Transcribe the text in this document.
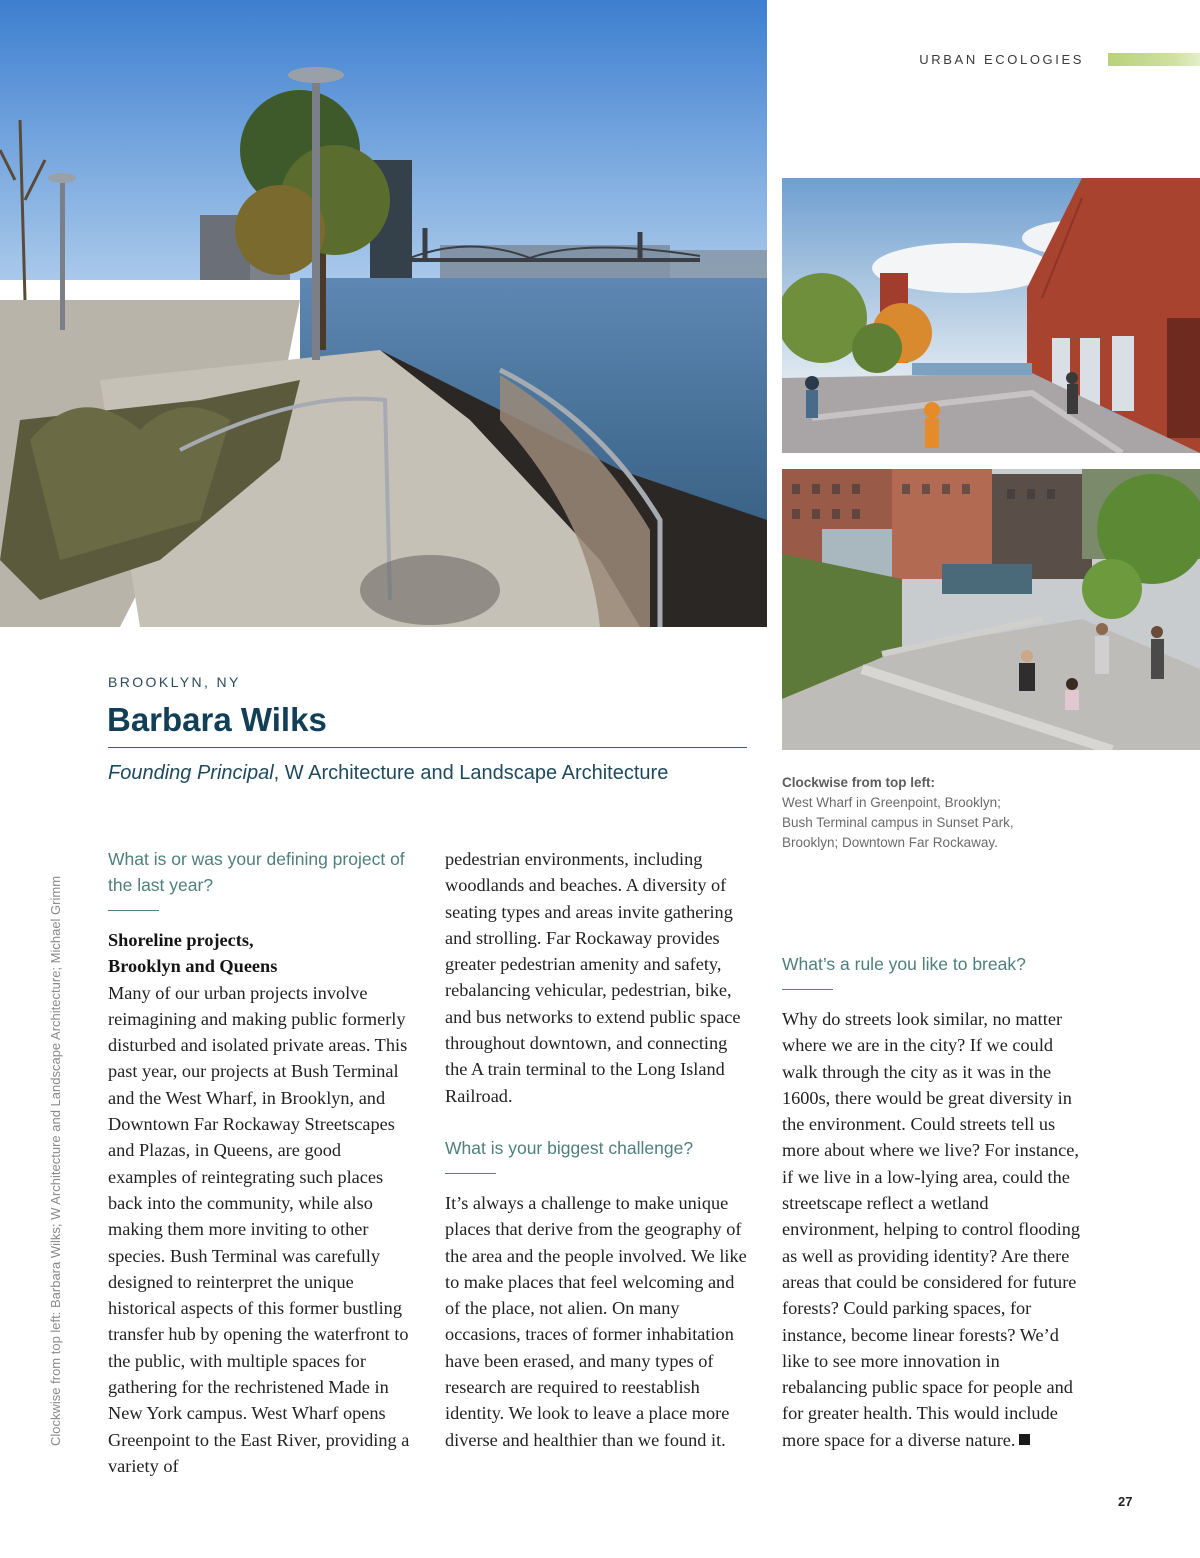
URBAN ECOLOGIES
Clockwise from top left:
West Wharf in Greenpoint, Brooklyn; Bush Terminal campus in Sunset Park, Brooklyn; Downtown Far Rockaway.
Clockwise from top left: Barbara Wilks; W Architecture and Landscape Architecture; Michael Grimm
BROOKLYN, NY
Barbara Wilks
Founding Principal, W Architecture and Landscape Architecture
What is or was your defining project of the last year?
Shoreline projects,
Brooklyn and Queens
Many of our urban projects involve reimagining and making public formerly disturbed and isolated private areas. This past year, our projects at Bush Terminal and the West Wharf, in Brooklyn, and Downtown Far Rockaway Streetscapes and Plazas, in Queens, are good examples of reintegrating such places back into the community, while also making them more inviting to other species. Bush Terminal was carefully designed to reinterpret the unique historical aspects of this former bustling transfer hub by opening the waterfront to the public, with multiple spaces for gathering for the rechristened Made in New York campus. West Wharf opens Greenpoint to the East River, providing a variety of
pedestrian environments, including woodlands and beaches. A diversity of seating types and areas invite gathering and strolling. Far Rockaway provides greater pedestrian amenity and safety, rebalancing vehicular, pedestrian, bike, and bus networks to extend public space throughout downtown, and connecting the A train terminal to the Long Island Railroad.
What is your biggest challenge?
It’s always a challenge to make unique places that derive from the geography of the area and the people involved. We like to make places that feel welcoming and of the place, not alien. On many occasions, traces of former inhabitation have been erased, and many types of research are required to reestablish identity. We look to leave a place more diverse and healthier than we found it.
What’s a rule you like to break?
Why do streets look similar, no matter where we are in the city? If we could walk through the city as it was in the 1600s, there would be great diversity in the environment. Could streets tell us more about where we live? For instance, if we live in a low-lying area, could the streetscape reflect a wetland environment, helping to control flooding as well as providing identity? Are there areas that could be considered for future forests? Could parking spaces, for instance, become linear forests? We’d like to see more innovation in rebalancing public space for people and for greater health. This would include more space for a diverse nature.
27
